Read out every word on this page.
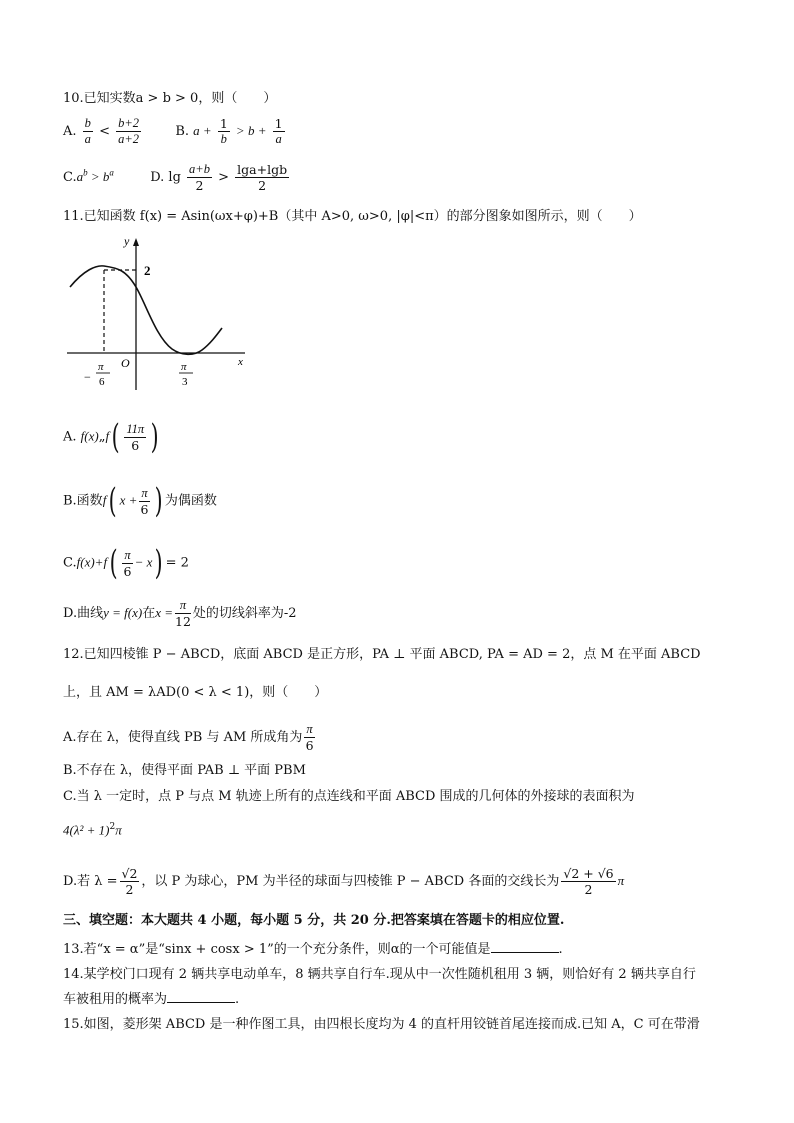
10.已知实数a > b > 0，则（　　）
A. $\frac{b}{a} < \frac{b+2}{a+2}$	B. $a + \frac{1}{b} > b + \frac{1}{a}$
$C.a^b > b^a$	D. $\lg \frac{a+b}{2} > \frac{\lg a+\lg b}{2}$
11.已知函数 f(x) = Asin(ωx+φ)+B（其中 A>0, ω>0, |φ|<π）的部分图象如图所示，则（　　）
y
x
2
O
−
π
6
π
3
A. f(x)„f( $\frac{11\pi}{6}$ )
B.函数f( $x + \frac{\pi}{6}$ ) 为偶函数
$C.f(x)+f( \frac{\pi}{6} - x) = 2$
D.曲线y = f(x)在$x = \frac{\pi}{12}$ 处的切线斜率为-2
12.已知四棱锥 P − ABCD，底面 ABCD 是正方形，PA ⊥ 平面 ABCD, PA = AD = 2，点 M 在平面 ABCD
上，且 AM = λAD(0 < λ < 1)，则（　　）
A.存在 λ，使得直线 PB 与 AM 所成角为 $\frac{\pi}{6}$
B.不存在 λ，使得平面 PAB ⊥ 平面 PBM
C.当 λ 一定时，点 P 与点 M 轨迹上所有的点连线和平面 ABCD 围成的几何体的外接球的表面积为
$4(\lambda^2 + 1)^2\pi$
D.若 $\lambda = \frac{√2}{2}$ ，以 P 为球心，PM 为半径的球面与四棱锥 P − ABCD 各面的交线长为 $\frac{√2 + √6}{2}$ π
三、填空题：本大题共 4 小题，每小题 5 分，共 20 分.把答案填在答题卡的相应位置.
13.若“x = α”是“sinx + cosx > 1”的一个充分条件，则α的一个可能值是	.
14.某学校门口现有 2 辆共享电动单车，8 辆共享自行车.现从中一次性随机租用 3 辆，则恰好有 2 辆共享自行
车被租用的概率为	.
15.如图，菱形架 ABCD 是一种作图工具，由四根长度均为 4 的直杆用铰链首尾连接而成.已知 A，C 可在带滑
